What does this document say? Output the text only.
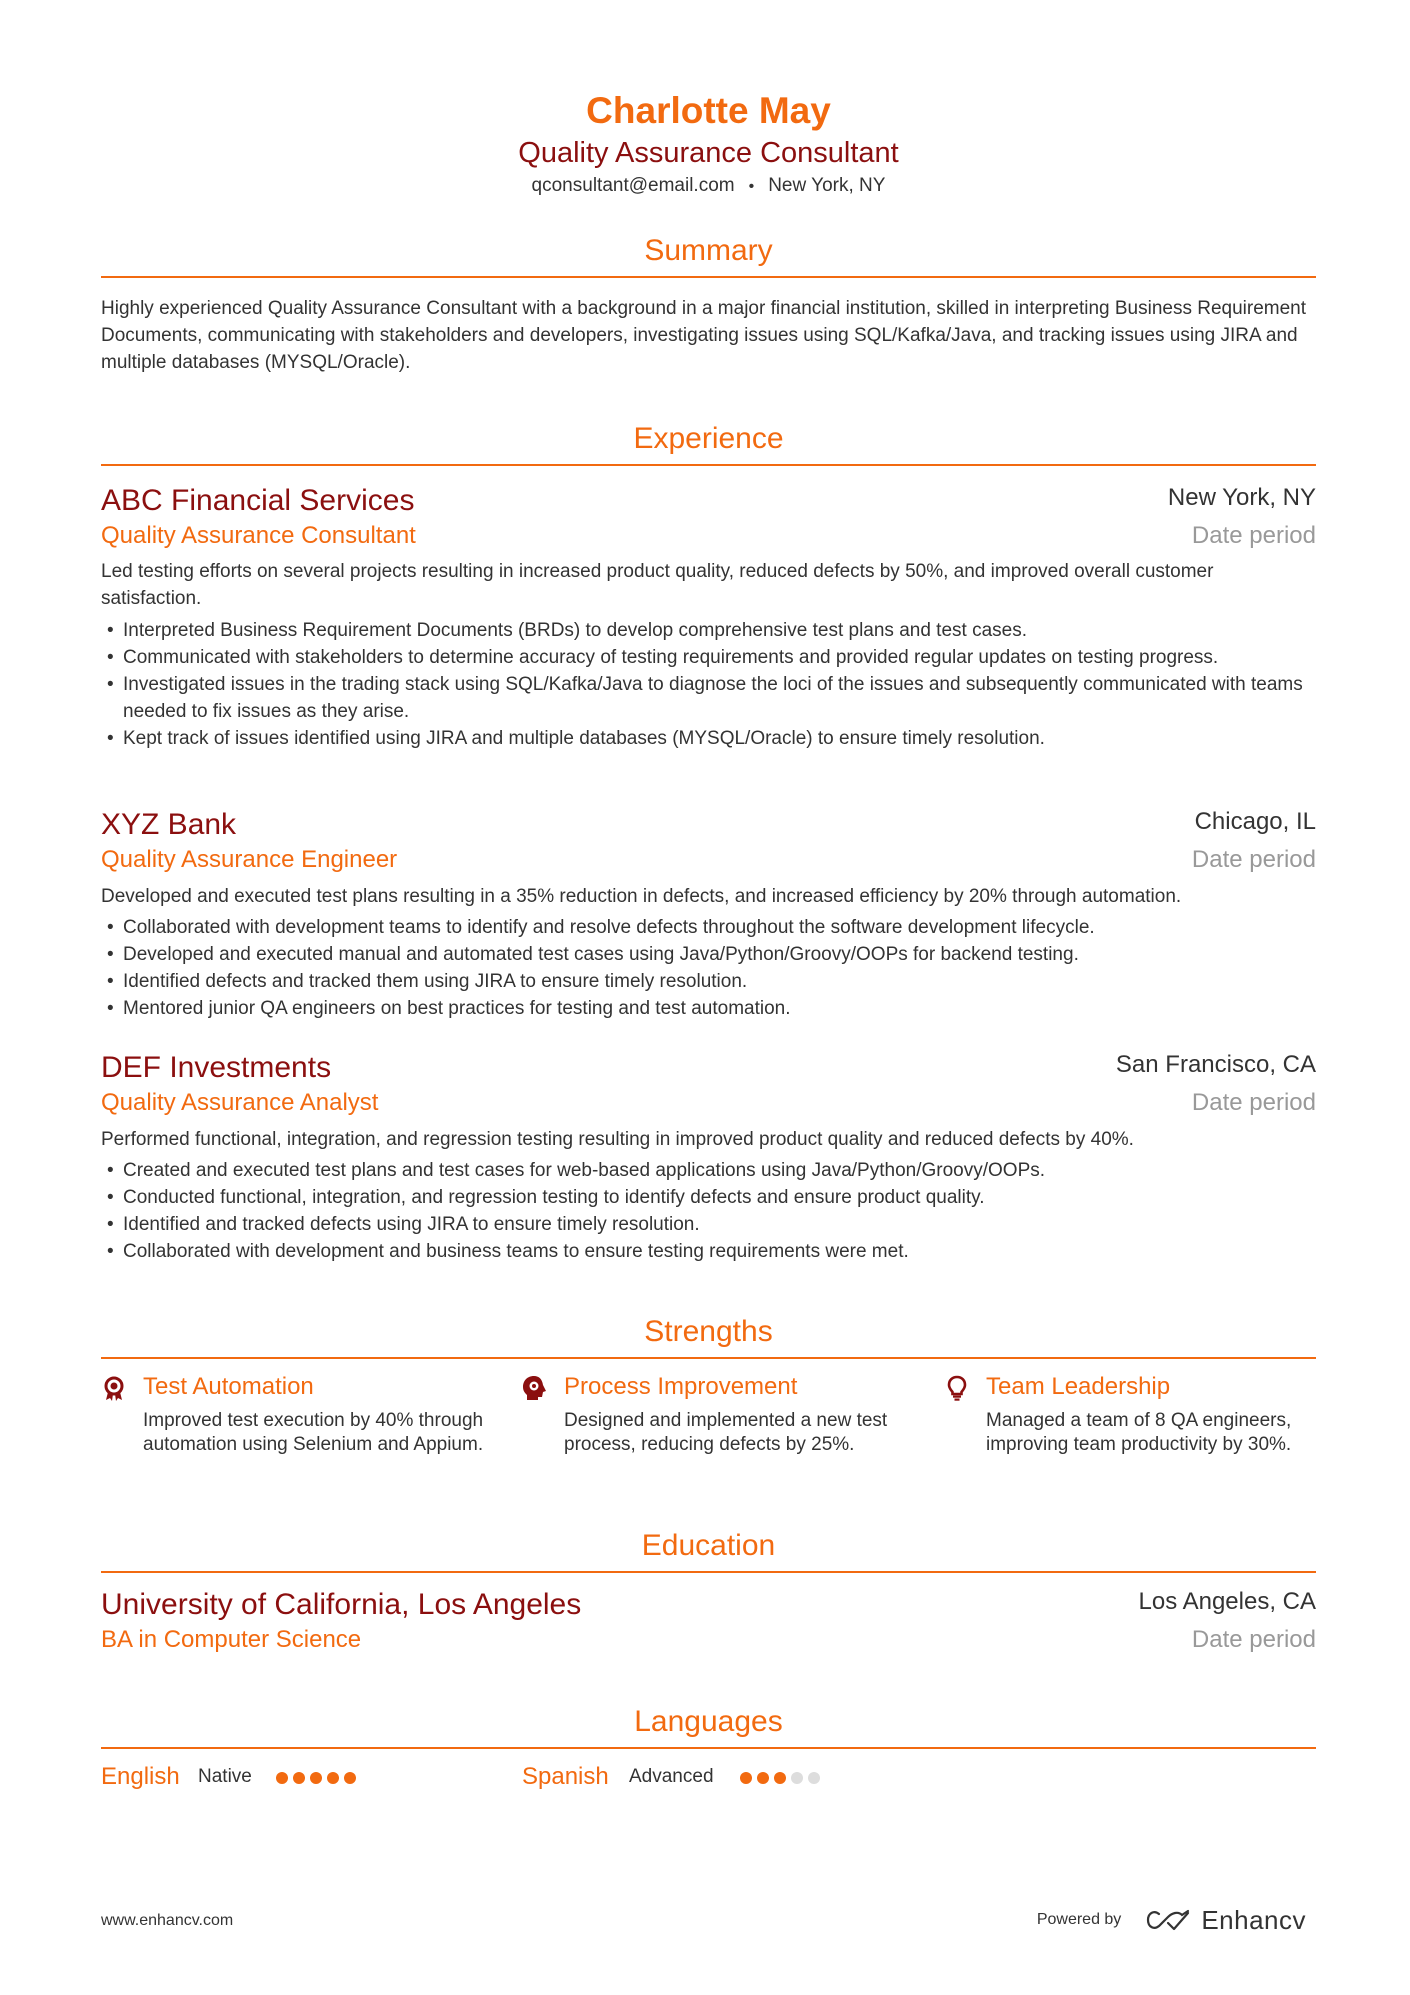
Charlotte May
Quality Assurance Consultant
qconsultant@email.com • New York, NY
Summary
Highly experienced Quality Assurance Consultant with a background in a major financial institution, skilled in interpreting Business Requirement Documents, communicating with stakeholders and developers, investigating issues using SQL/Kafka/Java, and tracking issues using JIRA and multiple databases (MYSQL/Oracle).
Experience
ABC Financial Services	New York, NY
Quality Assurance Consultant	Date period
Led testing efforts on several projects resulting in increased product quality, reduced defects by 50%, and improved overall customer satisfaction.
• Interpreted Business Requirement Documents (BRDs) to develop comprehensive test plans and test cases.
• Communicated with stakeholders to determine accuracy of testing requirements and provided regular updates on testing progress.
• Investigated issues in the trading stack using SQL/Kafka/Java to diagnose the loci of the issues and subsequently communicated with teams needed to fix issues as they arise.
• Kept track of issues identified using JIRA and multiple databases (MYSQL/Oracle) to ensure timely resolution.
XYZ Bank	Chicago, IL
Quality Assurance Engineer	Date period
Developed and executed test plans resulting in a 35% reduction in defects, and increased efficiency by 20% through automation.
• Collaborated with development teams to identify and resolve defects throughout the software development lifecycle.
• Developed and executed manual and automated test cases using Java/Python/Groovy/OOPs for backend testing.
• Identified defects and tracked them using JIRA to ensure timely resolution.
• Mentored junior QA engineers on best practices for testing and test automation.
DEF Investments	San Francisco, CA
Quality Assurance Analyst	Date period
Performed functional, integration, and regression testing resulting in improved product quality and reduced defects by 40%.
• Created and executed test plans and test cases for web-based applications using Java/Python/Groovy/OOPs.
• Conducted functional, integration, and regression testing to identify defects and ensure product quality.
• Identified and tracked defects using JIRA to ensure timely resolution.
• Collaborated with development and business teams to ensure testing requirements were met.
Strengths
Test Automation
Improved test execution by 40% through automation using Selenium and Appium.
Process Improvement
Designed and implemented a new test process, reducing defects by 25%.
Team Leadership
Managed a team of 8 QA engineers, improving team productivity by 30%.
Education
University of California, Los Angeles	Los Angeles, CA
BA in Computer Science	Date period
Languages
English Native	Spanish Advanced
www.enhancv.com	Powered by	Enhancv
